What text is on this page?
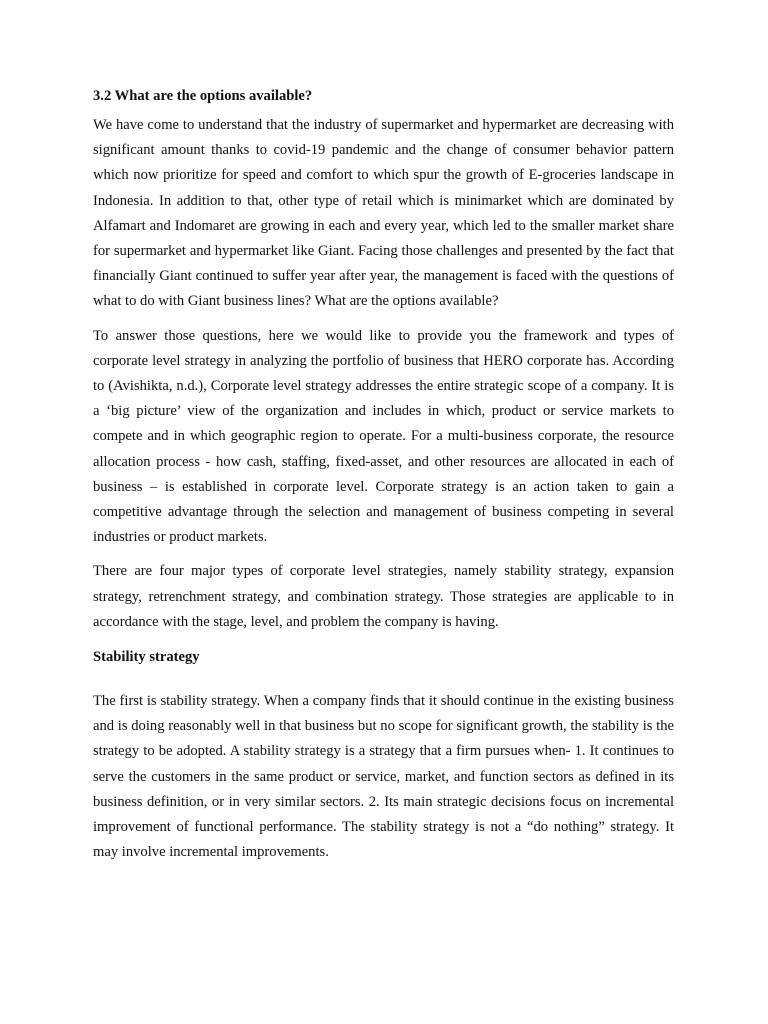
3.2 What are the options available?

We have come to understand that the industry of supermarket and hypermarket are decreasing with significant amount thanks to covid-19 pandemic and the change of consumer behavior pattern which now prioritize for speed and comfort to which spur the growth of E-groceries landscape in Indonesia. In addition to that, other type of retail which is minimarket which are dominated by Alfamart and Indomaret are growing in each and every year, which led to the smaller market share for supermarket and hypermarket like Giant. Facing those challenges and presented by the fact that financially Giant continued to suffer year after year, the management is faced with the questions of what to do with Giant business lines? What are the options available?

To answer those questions, here we would like to provide you the framework and types of corporate level strategy in analyzing the portfolio of business that HERO corporate has. According to (Avishikta, n.d.), Corporate level strategy addresses the entire strategic scope of a company. It is a ‘big picture’ view of the organization and includes in which, product or service markets to compete and in which geographic region to operate. For a multi-business corporate, the resource allocation process - how cash, staffing, fixed-asset, and other resources are allocated in each of business – is established in corporate level. Corporate strategy is an action taken to gain a competitive advantage through the selection and management of business competing in several industries or product markets.

There are four major types of corporate level strategies, namely stability strategy, expansion strategy, retrenchment strategy, and combination strategy. Those strategies are applicable to in accordance with the stage, level, and problem the company is having.

Stability strategy

The first is stability strategy. When a company finds that it should continue in the existing business and is doing reasonably well in that business but no scope for significant growth, the stability is the strategy to be adopted. A stability strategy is a strategy that a firm pursues when- 1. It continues to serve the customers in the same product or service, market, and function sectors as defined in its business definition, or in very similar sectors. 2. Its main strategic decisions focus on incremental improvement of functional performance. The stability strategy is not a “do nothing” strategy. It may involve incremental improvements.
